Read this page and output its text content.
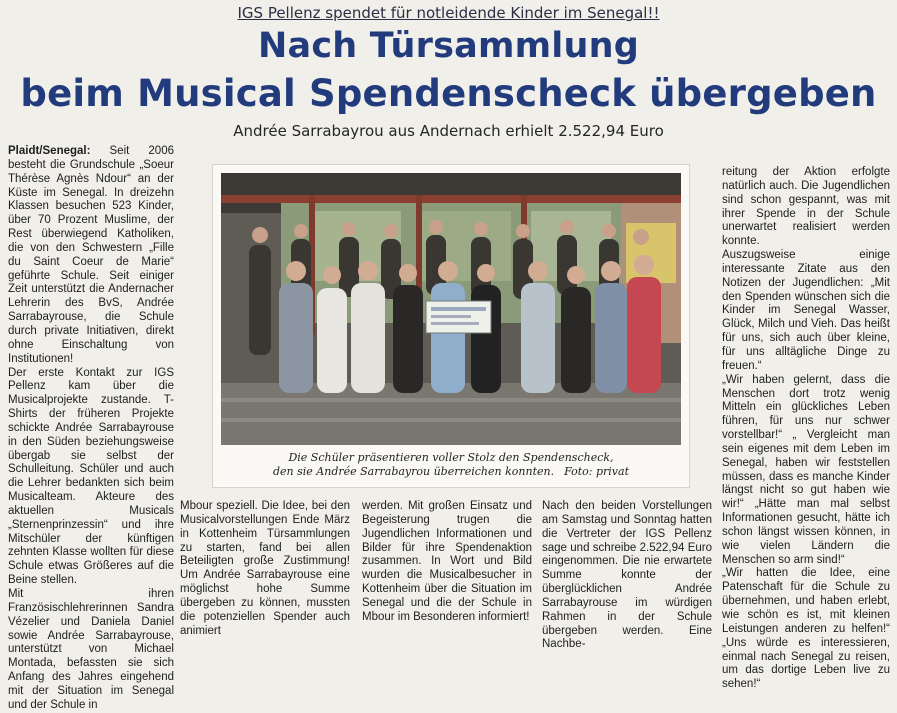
IGS Pellenz spendet für notleidende Kinder im Senegal!!
Nach Türsammlung
beim Musical Spendenscheck übergeben
Andrée Sarrabayrou aus Andernach erhielt 2.522,94 Euro

Plaidt/Senegal: Seit 2006 besteht die Grundschule „Soeur Thérèse Agnès Ndour“ an der Küste im Senegal. In dreizehn Klassen besuchen 523 Kinder, über 70 Prozent Muslime, der Rest überwiegend Katholiken, die von den Schwestern „Fille du Saint Coeur de Marie“ geführte Schule. Seit einiger Zeit unterstützt die Andernacher Lehrerin des BvS, Andrée Sarrabayrouse, die Schule durch private Initiativen, direkt ohne Einschaltung von Institutionen!

Der erste Kontakt zur IGS Pellenz kam über die Musicalprojekte zustande. T-Shirts der früheren Projekte schickte Andrée Sarrabayrouse in den Süden beziehungsweise übergab sie selbst der Schulleitung. Schüler und auch die Lehrer bedankten sich beim Musicalteam. Akteure des aktuellen Musicals „Sternenprinzessin“ und ihre Mitschüler der künftigen zehnten Klasse wollten für diese Schule etwas Größeres auf die Beine stellen.

Mit ihren Französischlehrerinnen Sandra Vézelier und Daniela Daniel sowie Andrée Sarrabayrouse, unterstützt von Michael Montada, befassten sie sich Anfang des Jahres eingehend mit der Situation im Senegal und der Schule in

Die Schüler präsentieren voller Stolz den Spendenscheck,
den sie Andrée Sarrabayrou überreichen konnten. Foto: privat

Mbour speziell. Die Idee, bei den Musicalvorstellungen Ende März in Kottenheim Türsammlungen zu starten, fand bei allen Beteiligten große Zustimmung! Um Andrée Sarrabayrouse eine möglichst hohe Summe übergeben zu können, mussten die potenziellen Spender auch animiert

werden. Mit großen Einsatz und Begeisterung trugen die Jugendlichen Informationen und Bilder für ihre Spendenaktion zusammen. In Wort und Bild wurden die Musicalbesucher in Kottenheim über die Situation im Senegal und die der Schule in Mbour im Besonderen informiert!

Nach den beiden Vorstellungen am Samstag und Sonntag hatten die Vertreter der IGS Pellenz sage und schreibe 2.522,94 Euro eingenommen. Die nie erwartete Summe konnte der überglücklichen Andrée Sarrabayrouse im würdigen Rahmen in der Schule übergeben werden. Eine Nachbe-

reitung der Aktion erfolgte natürlich auch. Die Jugendlichen sind schon gespannt, was mit ihrer Spende in der Schule unerwartet realisiert werden konnte.

Auszugsweise einige interessante Zitate aus den Notizen der Jugendlichen: „Mit den Spenden wünschen sich die Kinder im Senegal Wasser, Glück, Milch und Vieh. Das heißt für uns, sich auch über kleine, für uns alltägliche Dinge zu freuen.“

„Wir haben gelernt, dass die Menschen dort trotz wenig Mitteln ein glückliches Leben führen, für uns nur schwer vorstellbar!“ „ Vergleicht man sein eigenes mit dem Leben im Senegal, haben wir feststellen müssen, dass es manche Kinder längst nicht so gut haben wie wir!“ „Hätte man mal selbst Informationen gesucht, hätte ich schon längst wissen können, in wie vielen Ländern die Menschen so arm sind!“

„Wir hatten die Idee, eine Patenschaft für die Schule zu übernehmen, und haben erlebt, wie schön es ist, mit kleinen Leistungen anderen zu helfen!“ „Uns würde es interessieren, einmal nach Senegal zu reisen, um das dortige Leben live zu sehen!“
